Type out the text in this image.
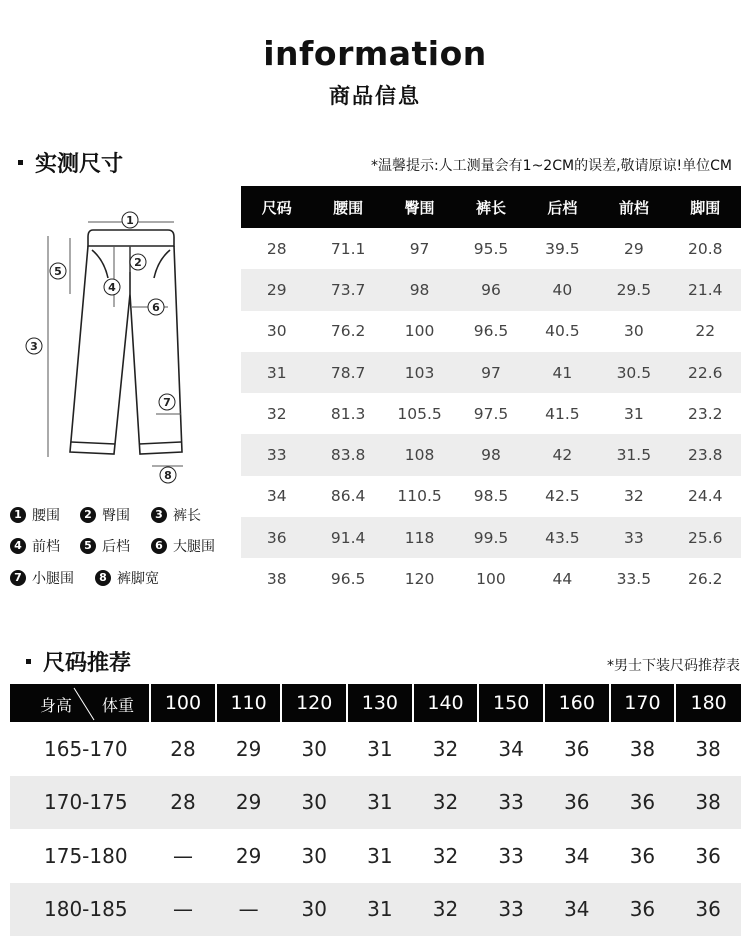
information
商品信息
实测尺寸	*温馨提示:人工测量会有1~2CM的误差,敬请原谅!单位CM
1
2
3
4
5
6
7
8
1 腰围	2 臀围	3 裤长
4 前档	5 后档	6 大腿围
7 小腿围	8 裤脚宽
尺码	腰围	臀围	裤长	后档	前档	脚围
28	71.1	97	95.5	39.5	29	20.8
29	73.7	98	96	40	29.5	21.4
30	76.2	100	96.5	40.5	30	22
31	78.7	103	97	41	30.5	22.6
32	81.3	105.5	97.5	41.5	31	23.2
33	83.8	108	98	42	31.5	23.8
34	86.4	110.5	98.5	42.5	32	24.4
36	91.4	118	99.5	43.5	33	25.6
38	96.5	120	100	44	33.5	26.2
尺码推荐	*男士下装尺码推荐表
身高 体重	100	110	120	130	140	150	160	170	180
165-170	28	29	30	31	32	34	36	38	38
170-175	28	29	30	31	32	33	36	36	38
175-180	—	29	30	31	32	33	34	36	36
180-185	—	—	30	31	32	33	34	36	36
